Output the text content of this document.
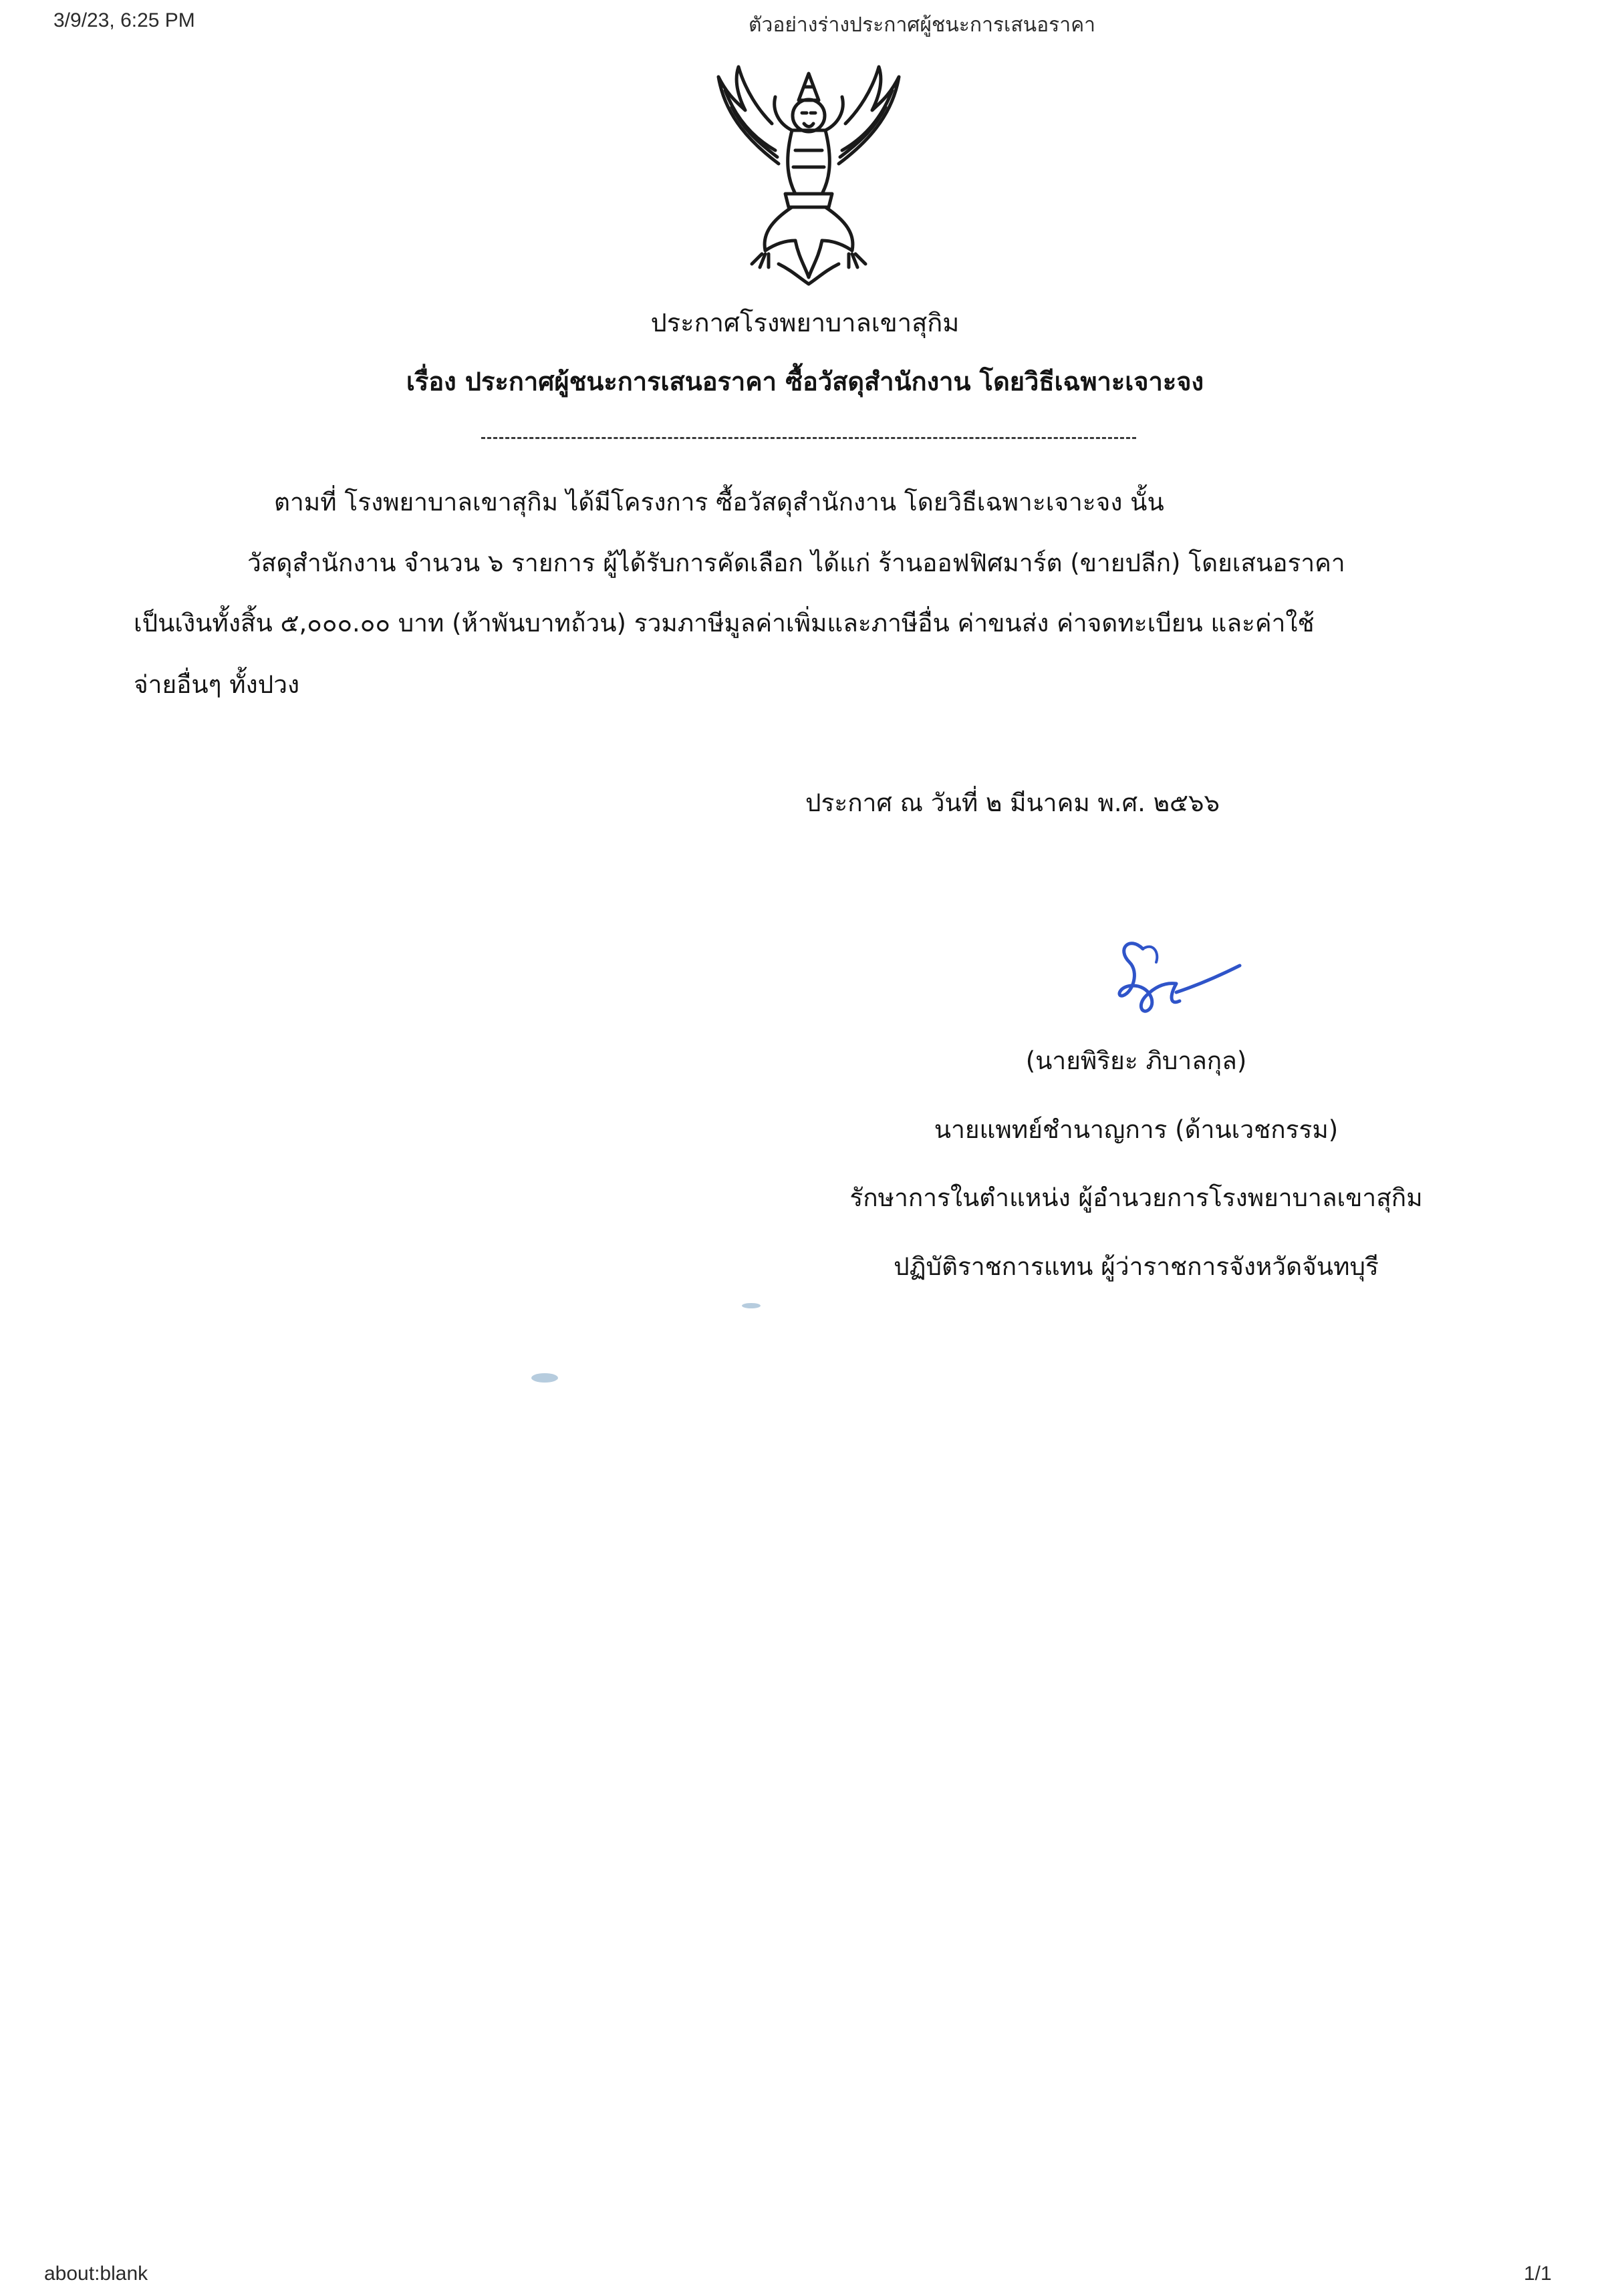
3/9/23, 6:25 PM	ตัวอย่างร่างประกาศผู้ชนะการเสนอราคา
ประกาศโรงพยาบาลเขาสุกิม
เรื่อง ประกาศผู้ชนะการเสนอราคา ซื้อวัสดุสำนักงาน โดยวิธีเฉพาะเจาะจง
ตามที่ โรงพยาบาลเขาสุกิม ได้มีโครงการ ซื้อวัสดุสำนักงาน โดยวิธีเฉพาะเจาะจง นั้น
วัสดุสำนักงาน จำนวน ๖ รายการ ผู้ได้รับการคัดเลือก ได้แก่ ร้านออฟฟิศมาร์ต (ขายปลีก) โดยเสนอราคา
เป็นเงินทั้งสิ้น ๕,๐๐๐.๐๐ บาท (ห้าพันบาทถ้วน) รวมภาษีมูลค่าเพิ่มและภาษีอื่น ค่าขนส่ง ค่าจดทะเบียน และค่าใช้
จ่ายอื่นๆ ทั้งปวง
ประกาศ ณ วันที่ ๒ มีนาคม พ.ศ. ๒๕๖๖
(นายพิริยะ ภิบาลกุล)
นายแพทย์ชำนาญการ (ด้านเวชกรรม)
รักษาการในตำแหน่ง ผู้อำนวยการโรงพยาบาลเขาสุกิม
ปฏิบัติราชการแทน ผู้ว่าราชการจังหวัดจันทบุรี
about:blank	1/1
